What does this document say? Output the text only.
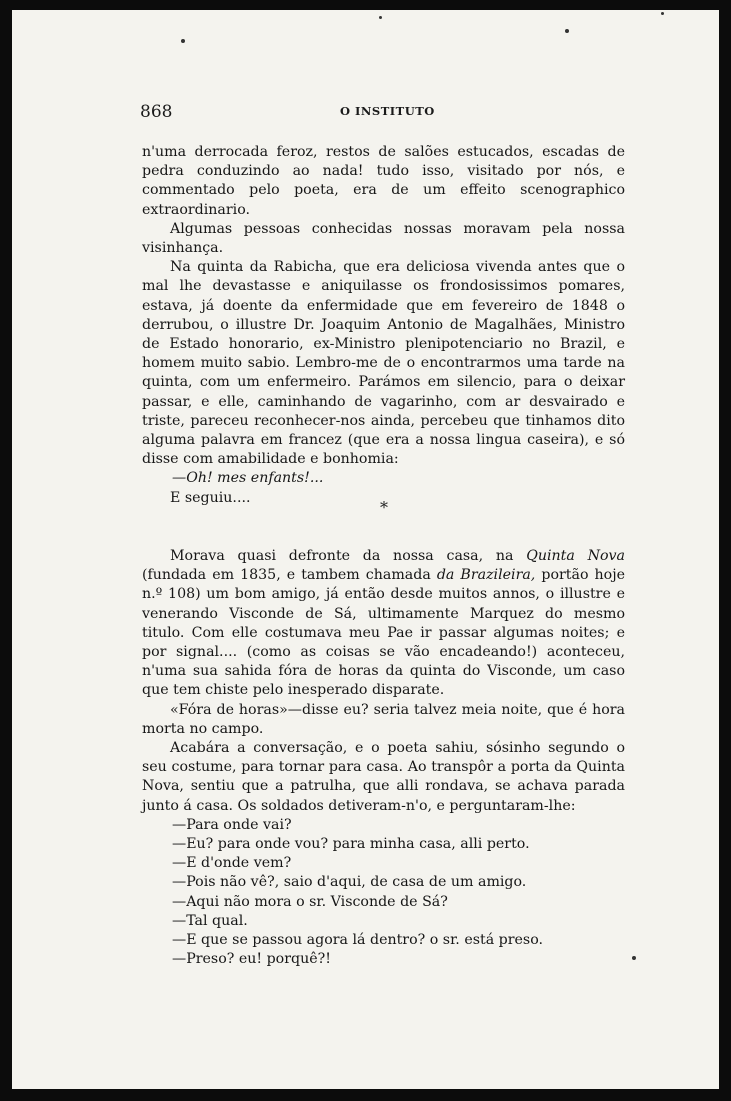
868	O INSTITUTO

n'uma derrocada feroz, restos de salões estucados, escadas de pedra conduzindo ao nada! tudo isso, visitado por nós, e commentado pelo poeta, era de um effeito scenographico extraordinario.

Algumas pessoas conhecidas nossas moravam pela nossa visinhança.

Na quinta da Rabicha, que era deliciosa vivenda antes que o mal lhe devastasse e aniquilasse os frondosissimos pomares, estava, já doente da enfermidade que em fevereiro de 1848 o derrubou, o illustre Dr. Joaquim Antonio de Magalhães, Ministro de Estado honorario, ex-Ministro plenipotenciario no Brazil, e homem muito sabio. Lembro-me de o encontrarmos uma tarde na quinta, com um enfermeiro. Parámos em silencio, para o deixar passar, e elle, caminhando de vagarinho, com ar desvairado e triste, pareceu reconhecer-nos ainda, percebeu que tinhamos dito alguma palavra em francez (que era a nossa lingua caseira), e só disse com amabilidade e bonhomia:

—Oh! mes enfants!...

E seguiu....

*

Morava quasi defronte da nossa casa, na Quinta Nova (fundada em 1835, e tambem chamada da Brazileira, portão hoje n.º 108) um bom amigo, já então desde muitos annos, o illustre e venerando Visconde de Sá, ultimamente Marquez do mesmo titulo. Com elle costumava meu Pae ir passar algumas noites; e por signal.... (como as coisas se vão encadeando!) aconteceu, n'uma sua sahida fóra de horas da quinta do Visconde, um caso que tem chiste pelo inesperado disparate.

«Fóra de horas»—disse eu? seria talvez meia noite, que é hora morta no campo.

Acabára a conversação, e o poeta sahiu, sósinho segundo o seu costume, para tornar para casa. Ao transpôr a porta da Quinta Nova, sentiu que a patrulha, que alli rondava, se achava parada junto á casa. Os soldados detiveram-n'o, e perguntaram-lhe:

—Para onde vai?

—Eu? para onde vou? para minha casa, alli perto.

—E d'onde vem?

—Pois não vê?, saio d'aqui, de casa de um amigo.

—Aqui não mora o sr. Visconde de Sá?

—Tal qual.

—E que se passou agora lá dentro? o sr. está preso.

—Preso? eu! porquê?!
